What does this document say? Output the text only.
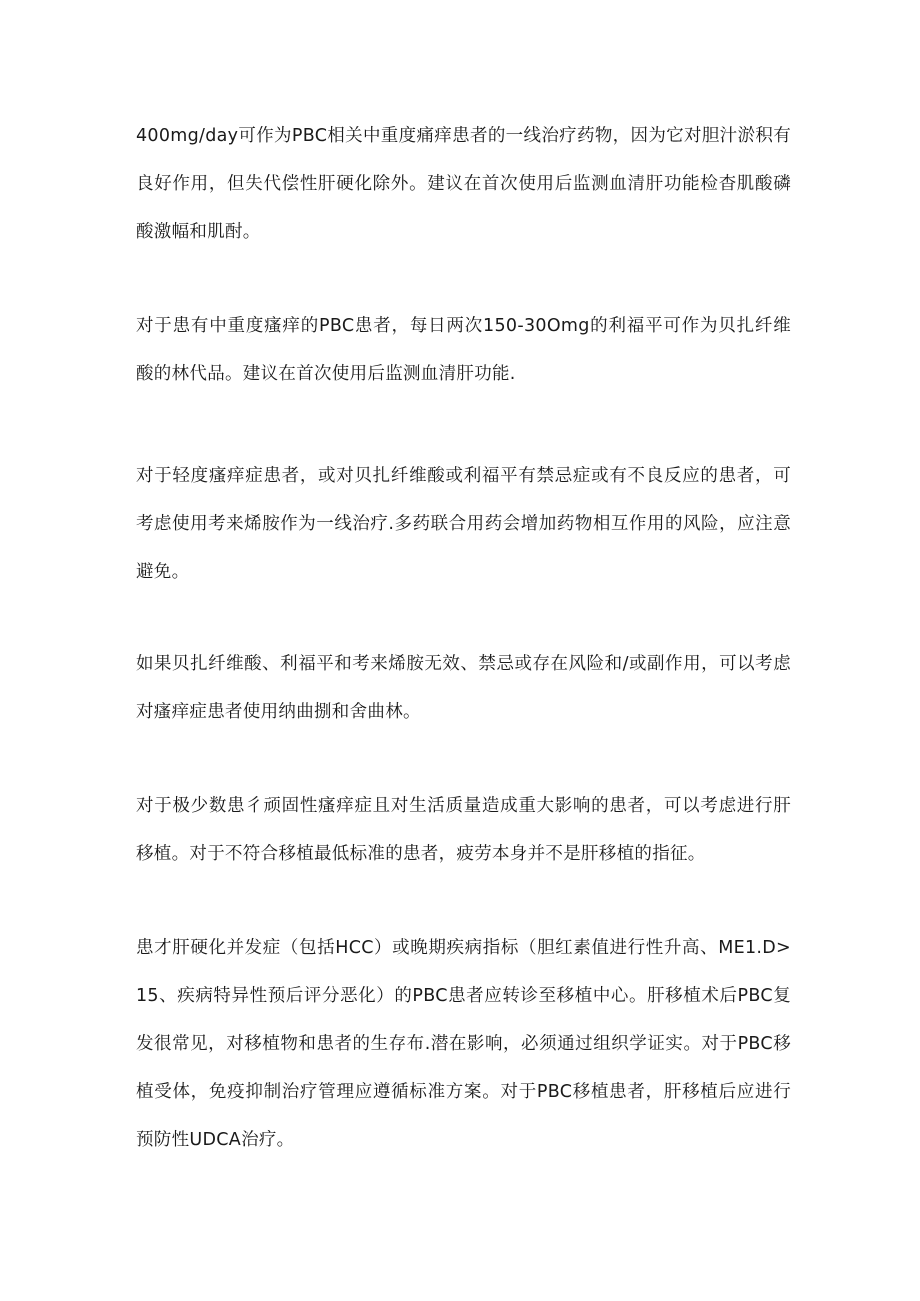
400mg/day可作为PBC相关中重度痛痒患者的一线治疗药物，因为它对胆汁淤积有良好作用，但失代偿性肝硬化除外。建议在首次使用后监测血清肝功能检杳肌酸磷酸激幅和肌酎。

对于患有中重度瘙痒的PBC患者，每日两次150-30Omg的利福平可作为贝扎纤维酸的林代品。建议在首次使用后监测血清肝功能.

对于轻度瘙痒症患者，或对贝扎纤维酸或利福平有禁忌症或有不良反应的患者，可考虑使用考来烯胺作为一线治疗.多药联合用药会增加药物相互作用的风险，应注意避免。

如果贝扎纤维酸、利福平和考来烯胺无效、禁忌或存在风险和/或副作用，可以考虑对瘙痒症患者使用纳曲捌和舍曲林。

对于极少数患彳顽固性瘙痒症且对生活质量造成重大影响的患者，可以考虑进行肝移植。对于不符合移植最低标准的患者，疲劳本身并不是肝移植的指征。

患才肝硬化并发症（包括HCC）或晚期疾病指标（胆红素值进行性升高、ME1.D>15、疾病特异性预后评分恶化）的PBC患者应转诊至移植中心。肝移植术后PBC复发很常见，对移植物和患者的生存布.潜在影响，必须通过组织学证实。对于PBC移植受体，免疫抑制治疗管理应遵循标准方案。对于PBC移植患者，肝移植后应进行预防性UDCA治疗。
